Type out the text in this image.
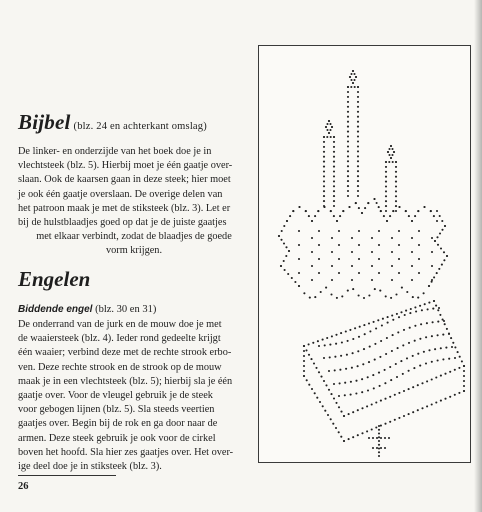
Bijbel (blz. 24 en achterkant omslag)
De linker- en onderzijde van het boek doe je in
vlechtsteek (blz. 5). Hierbij moet je één gaatje over-
slaan. Ook de kaarsen gaan in deze steek; hier moet
je ook één gaatje overslaan. De overige delen van
het patroon maak je met de stiksteek (blz. 3). Let er
bij de hulstblaadjes goed op dat je de juiste gaatjes
met elkaar verbindt, zodat de blaadjes de goede
vorm krijgen.
Engelen
Biddende engel (blz. 30 en 31)
De onderrand van de jurk en de mouw doe je met
de waaiersteek (blz. 4). Ieder rond gedeelte krijgt
één waaier; verbind deze met de rechte strook erbo-
ven. Deze rechte strook en de strook op de mouw
maak je in een vlechtsteek (blz. 5); hierbij sla je één
gaatje over. Voor de vleugel gebruik je de steek
voor gebogen lijnen (blz. 5). Sla steeds veertien
gaatjes over. Begin bij de rok en ga door naar de
armen. Deze steek gebruik je ook voor de cirkel
boven het hoofd. Sla hier zes gaatjes over. Het over-
ige deel doe je in stiksteek (blz. 3).
26
